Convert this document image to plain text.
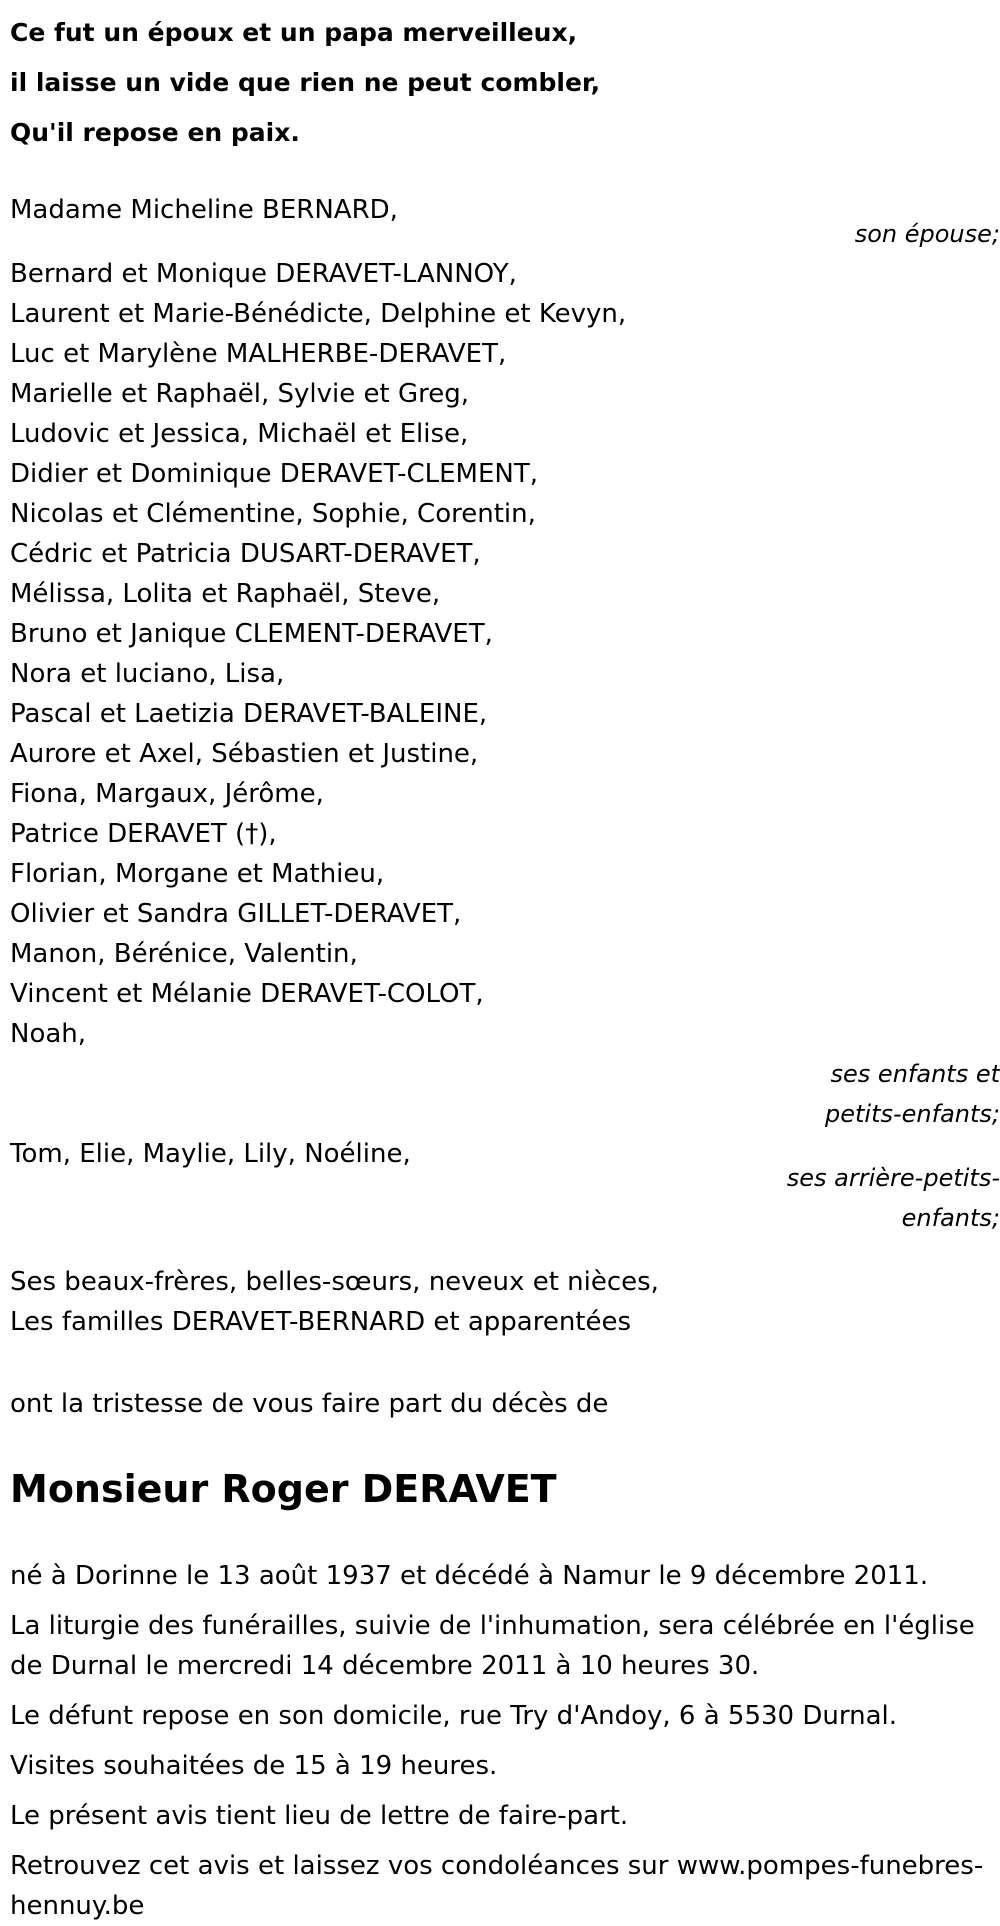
Ce fut un époux et un papa merveilleux,

il laisse un vide que rien ne peut combler,

Qu'il repose en paix.

Madame Micheline BERNARD,

son épouse;

Bernard et Monique DERAVET-LANNOY,

Laurent et Marie-Bénédicte, Delphine et Kevyn,

Luc et Marylène MALHERBE-DERAVET,

Marielle et Raphaël, Sylvie et Greg,

Ludovic et Jessica, Michaël et Elise,

Didier et Dominique DERAVET-CLEMENT,

Nicolas et Clémentine, Sophie, Corentin,

Cédric et Patricia DUSART-DERAVET,

Mélissa, Lolita et Raphaël, Steve,

Bruno et Janique CLEMENT-DERAVET,

Nora et luciano, Lisa,

Pascal et Laetizia DERAVET-BALEINE,

Aurore et Axel, Sébastien et Justine,

Fiona, Margaux, Jérôme,

Patrice DERAVET (†),

Florian, Morgane et Mathieu,

Olivier et Sandra GILLET-DERAVET,

Manon, Bérénice, Valentin,

Vincent et Mélanie DERAVET-COLOT,

Noah,

ses enfants et

petits-enfants;

Tom, Elie, Maylie, Lily, Noéline,

ses arrière-petits-

enfants;

Ses beaux-frères, belles-sœurs, neveux et nièces,

Les familles DERAVET-BERNARD et apparentées

ont la tristesse de vous faire part du décès de

Monsieur Roger DERAVET

né à Dorinne le 13 août 1937 et décédé à Namur le 9 décembre 2011.

La liturgie des funérailles, suivie de l'inhumation, sera célébrée en l'église de Durnal le mercredi 14 décembre 2011 à 10 heures 30.

Le défunt repose en son domicile, rue Try d'Andoy, 6 à 5530 Durnal.

Visites souhaitées de 15 à 19 heures.

Le présent avis tient lieu de lettre de faire-part.

Retrouvez cet avis et laissez vos condoléances sur www.pompes-funebres-hennuy.be
